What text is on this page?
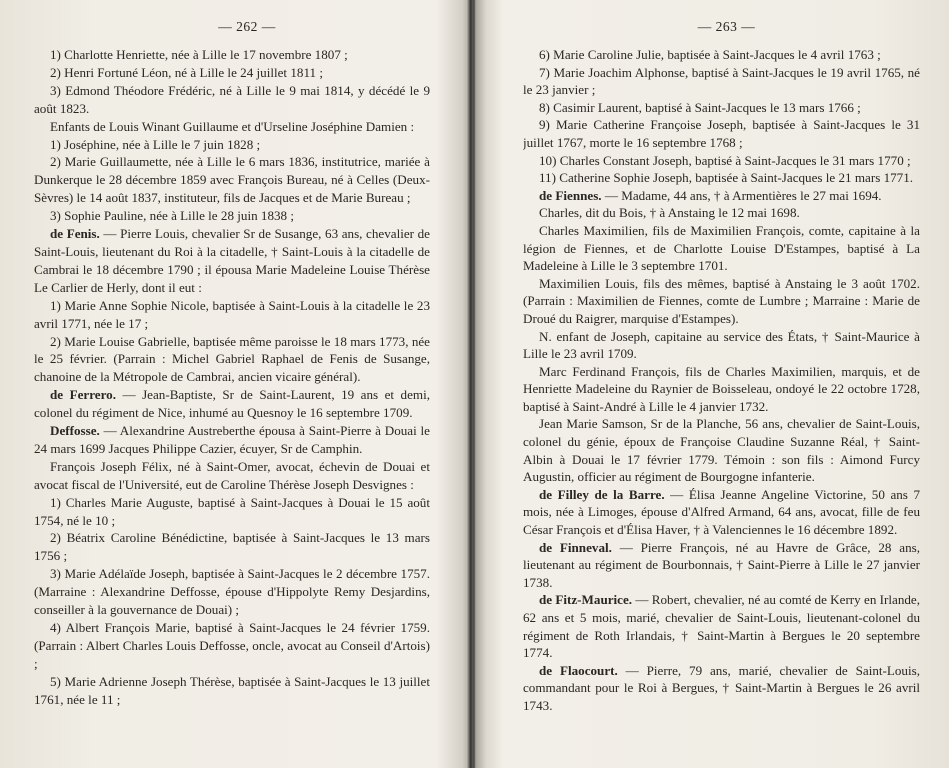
— 262 —

1) Charlotte Henriette, née à Lille le 17 novembre 1807 ;

2) Henri Fortuné Léon, né à Lille le 24 juillet 1811 ;

3) Edmond Théodore Frédéric, né à Lille le 9 mai 1814, y décédé le 9 août 1823.

Enfants de Louis Winant Guillaume et d'Urseline Joséphine Damien :

1) Joséphine, née à Lille le 7 juin 1828 ;

2) Marie Guillaumette, née à Lille le 6 mars 1836, institutrice, mariée à Dunkerque le 28 décembre 1859 avec François Bureau, né à Celles (Deux-Sèvres) le 14 août 1837, instituteur, fils de Jacques et de Marie Bureau ;

3) Sophie Pauline, née à Lille le 28 juin 1838 ;

de Fenis. — Pierre Louis, chevalier Sr de Susange, 63 ans, chevalier de Saint-Louis, lieutenant du Roi à la citadelle, † Saint-Louis à la citadelle de Cambrai le 18 décembre 1790 ; il épousa Marie Madeleine Louise Thérèse Le Carlier de Herly, dont il eut :

1) Marie Anne Sophie Nicole, baptisée à Saint-Louis à la citadelle le 23 avril 1771, née le 17 ;

2) Marie Louise Gabrielle, baptisée même paroisse le 18 mars 1773, née le 25 février. (Parrain : Michel Gabriel Raphael de Fenis de Susange, chanoine de la Métropole de Cambrai, ancien vicaire général).

de Ferrero. — Jean-Baptiste, Sr de Saint-Laurent, 19 ans et demi, colonel du régiment de Nice, inhumé au Quesnoy le 16 septembre 1709.

Deffosse. — Alexandrine Austreberthe épousa à Saint-Pierre à Douai le 24 mars 1699 Jacques Philippe Cazier, écuyer, Sr de Camphin.

François Joseph Félix, né à Saint-Omer, avocat, échevin de Douai et avocat fiscal de l'Université, eut de Caroline Thérèse Joseph Desvignes :

1) Charles Marie Auguste, baptisé à Saint-Jacques à Douai le 15 août 1754, né le 10 ;

2) Béatrix Caroline Bénédictine, baptisée à Saint-Jacques le 13 mars 1756 ;

3) Marie Adélaïde Joseph, baptisée à Saint-Jacques le 2 décembre 1757. (Marraine : Alexandrine Deffosse, épouse d'Hippolyte Remy Desjardins, conseiller à la gouvernance de Douai) ;

4) Albert François Marie, baptisé à Saint-Jacques le 24 février 1759. (Parrain : Albert Charles Louis Deffosse, oncle, avocat au Conseil d'Artois) ;

5) Marie Adrienne Joseph Thérèse, baptisée à Saint-Jacques le 13 juillet 1761, née le 11 ;

— 263 —

6) Marie Caroline Julie, baptisée à Saint-Jacques le 4 avril 1763 ;

7) Marie Joachim Alphonse, baptisé à Saint-Jacques le 19 avril 1765, né le 23 janvier ;

8) Casimir Laurent, baptisé à Saint-Jacques le 13 mars 1766 ;

9) Marie Catherine Françoise Joseph, baptisée à Saint-Jacques le 31 juillet 1767, morte le 16 septembre 1768 ;

10) Charles Constant Joseph, baptisé à Saint-Jacques le 31 mars 1770 ;

11) Catherine Sophie Joseph, baptisée à Saint-Jacques le 21 mars 1771.

de Fiennes. — Madame, 44 ans, † à Armentières le 27 mai 1694.

Charles, dit du Bois, † à Anstaing le 12 mai 1698.

Charles Maximilien, fils de Maximilien François, comte, capitaine à la légion de Fiennes, et de Charlotte Louise D'Estampes, baptisé à La Madeleine à Lille le 3 septembre 1701.

Maximilien Louis, fils des mêmes, baptisé à Anstaing le 3 août 1702. (Parrain : Maximilien de Fiennes, comte de Lumbre ; Marraine : Marie de Droué du Raigrer, marquise d'Estampes).

N. enfant de Joseph, capitaine au service des États, † Saint-Maurice à Lille le 23 avril 1709.

Marc Ferdinand François, fils de Charles Maximilien, marquis, et de Henriette Madeleine du Raynier de Boisseleau, ondoyé le 22 octobre 1728, baptisé à Saint-André à Lille le 4 janvier 1732.

Jean Marie Samson, Sr de la Planche, 56 ans, chevalier de Saint-Louis, colonel du génie, époux de Françoise Claudine Suzanne Réal, † Saint-Albin à Douai le 17 février 1779. Témoin : son fils : Aimond Furcy Augustin, officier au régiment de Bourgogne infanterie.

de Filley de la Barre. — Élisa Jeanne Angeline Victorine, 50 ans 7 mois, née à Limoges, épouse d'Alfred Armand, 64 ans, avocat, fille de feu César François et d'Élisa Haver, † à Valenciennes le 16 décembre 1892.

de Finneval. — Pierre François, né au Havre de Grâce, 28 ans, lieutenant au régiment de Bourbonnais, † Saint-Pierre à Lille le 27 janvier 1738.

de Fitz-Maurice. — Robert, chevalier, né au comté de Kerry en Irlande, 62 ans et 5 mois, marié, chevalier de Saint-Louis, lieutenant-colonel du régiment de Roth Irlandais, † Saint-Martin à Bergues le 20 septembre 1774.

de Flaocourt. — Pierre, 79 ans, marié, chevalier de Saint-Louis, commandant pour le Roi à Bergues, † Saint-Martin à Bergues le 26 avril 1743.
